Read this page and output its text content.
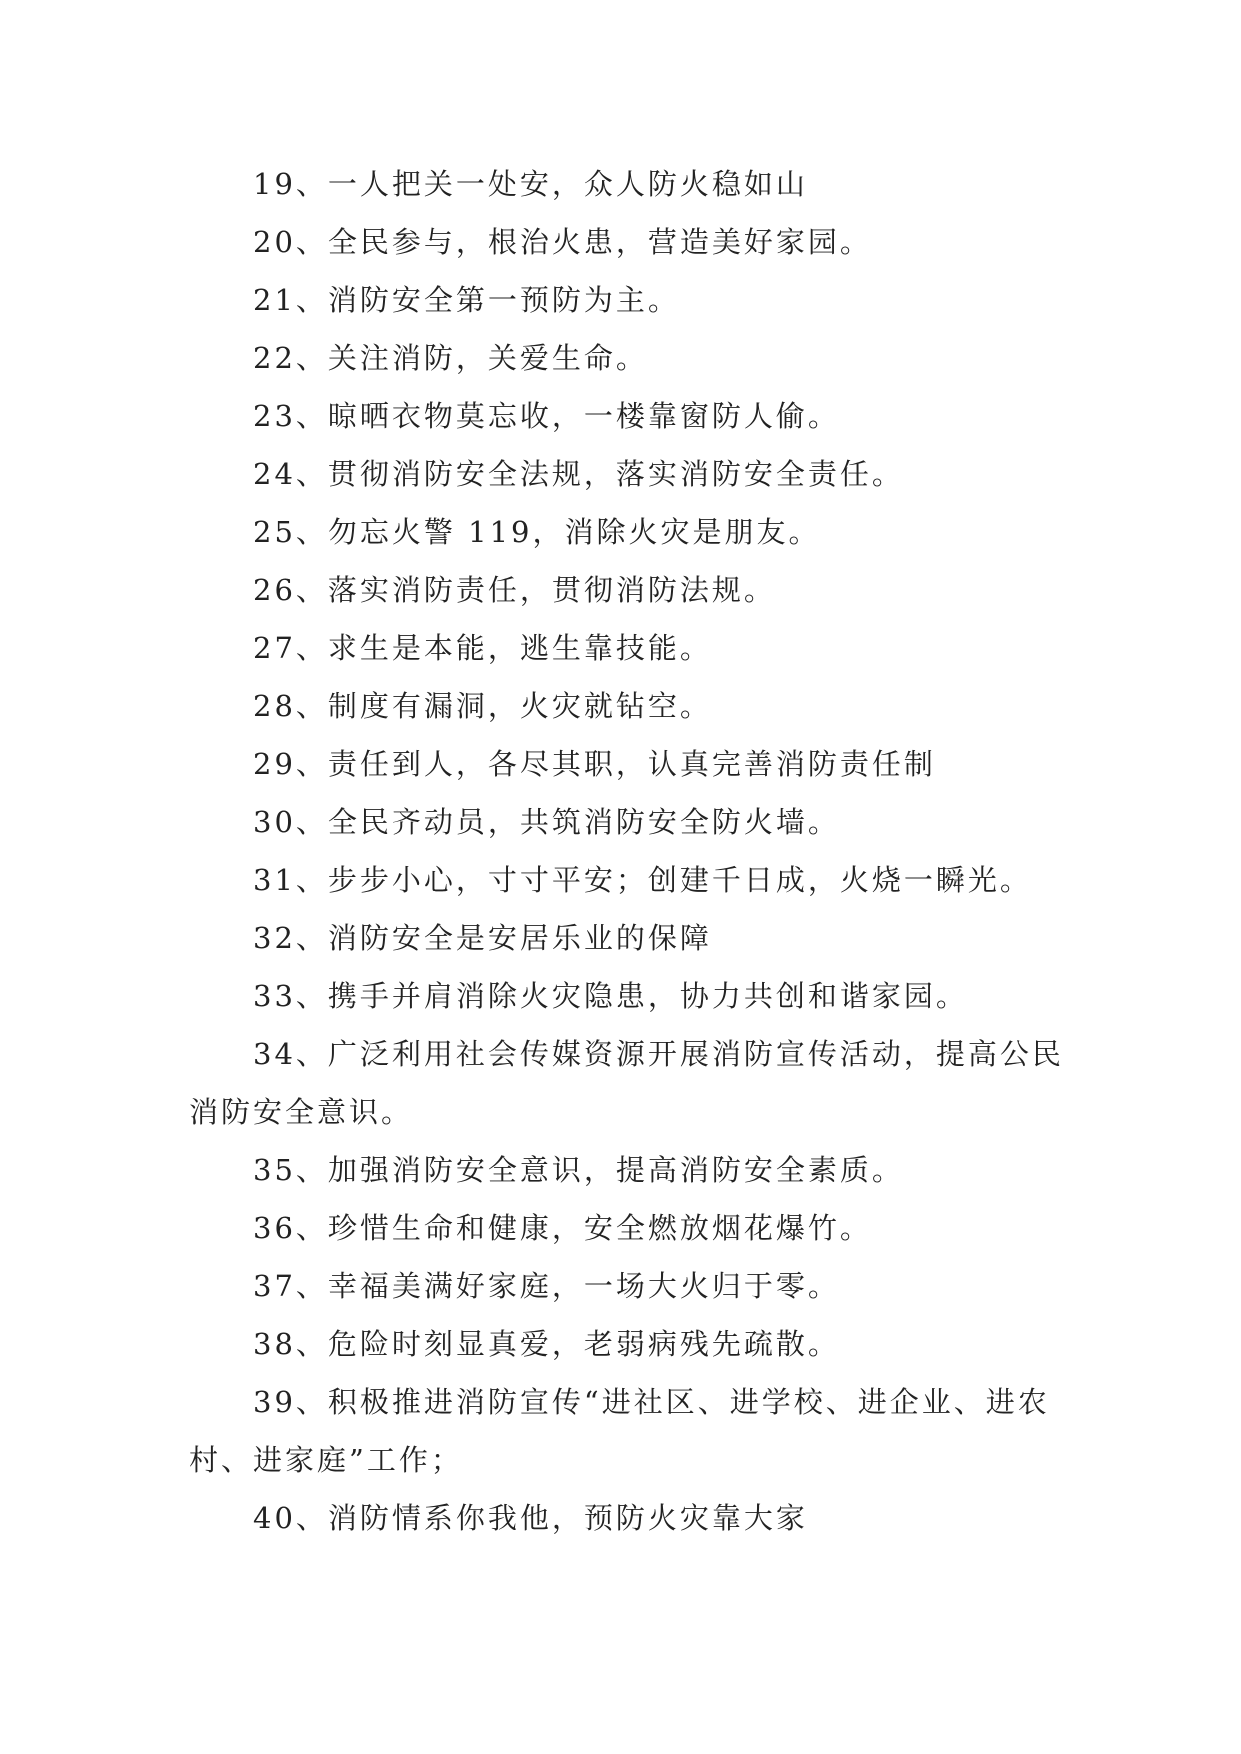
19、一人把关一处安，众人防火稳如山

20、全民参与，根治火患，营造美好家园。

21、消防安全第一预防为主。

22、关注消防，关爱生命。

23、晾晒衣物莫忘收，一楼靠窗防人偷。

24、贯彻消防安全法规，落实消防安全责任。

25、勿忘火警 119，消除火灾是朋友。

26、落实消防责任，贯彻消防法规。

27、求生是本能，逃生靠技能。

28、制度有漏洞，火灾就钻空。

29、责任到人，各尽其职，认真完善消防责任制

30、全民齐动员，共筑消防安全防火墙。

31、步步小心，寸寸平安；创建千日成，火烧一瞬光。

32、消防安全是安居乐业的保障

33、携手并肩消除火灾隐患，协力共创和谐家园。

34、广泛利用社会传媒资源开展消防宣传活动，提高公民消防安全意识。

35、加强消防安全意识，提高消防安全素质。

36、珍惜生命和健康，安全燃放烟花爆竹。

37、幸福美满好家庭，一场大火归于零。

38、危险时刻显真爱，老弱病残先疏散。

39、积极推进消防宣传“进社区、进学校、进企业、进农村、进家庭”工作；

40、消防情系你我他，预防火灾靠大家
